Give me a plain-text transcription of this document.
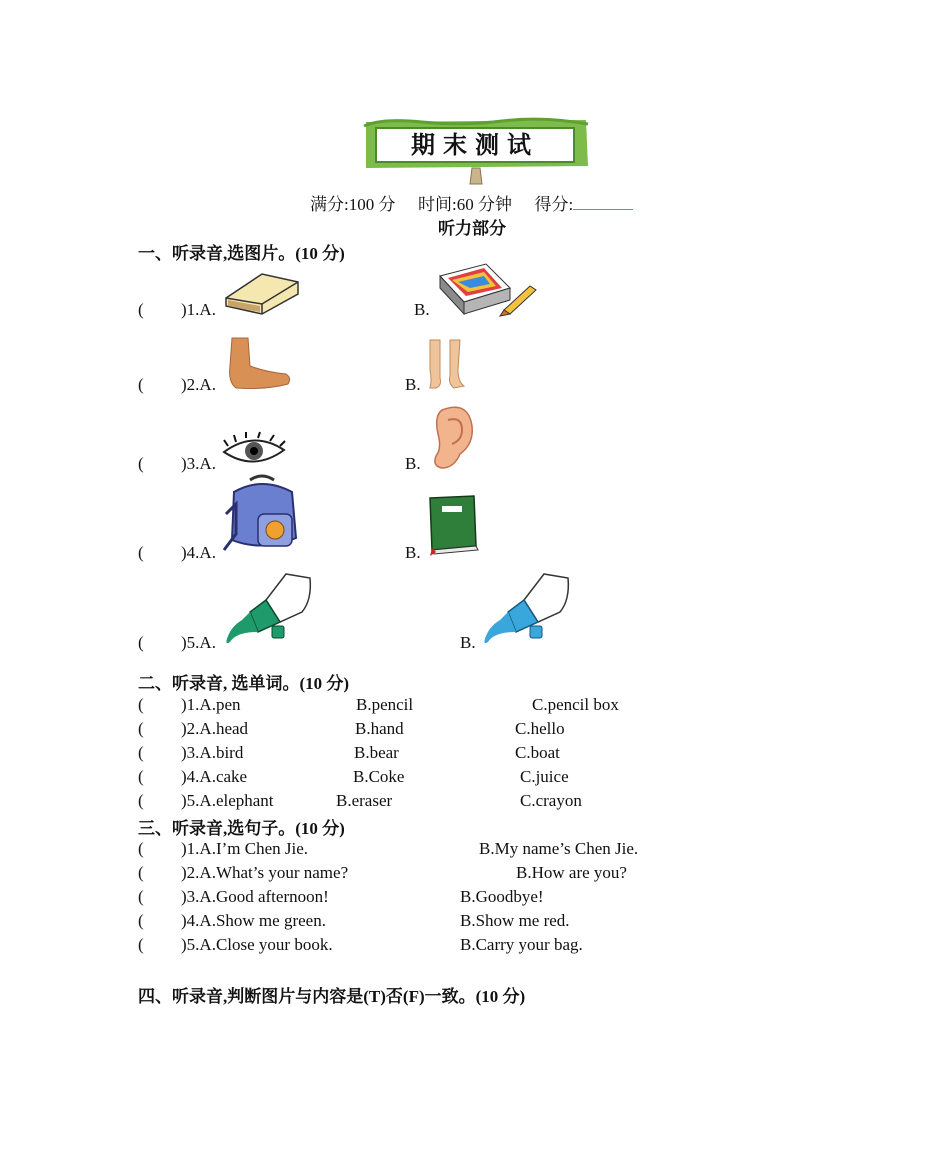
期末测试
满分:100 分 时间:60 分钟 得分:
听力部分
一、听录音,选图片。(10 分)
( )1.A.	B.
( )2.A.	B.
( )3.A.	B.
( )4.A.	B.
( )5.A.	B.
二、听录音, 选单词。(10 分)
( )1.A.pen	B.pencil	C.pencil box
( )2.A.head	B.hand	C.hello
( )3.A.bird	B.bear	C.boat
( )4.A.cake	B.Coke	C.juice
( )5.A.elephant	B.eraser	C.crayon
三、听录音,选句子。(10 分)
( )1.A.I’m Chen Jie.	B.My name’s Chen Jie.
( )2.A.What’s your name?	B.How are you?
( )3.A.Good afternoon!	B.Goodbye!
( )4.A.Show me green.	B.Show me red.
( )5.A.Close your book.	B.Carry your bag.
四、听录音,判断图片与内容是(T)否(F)一致。(10 分)
